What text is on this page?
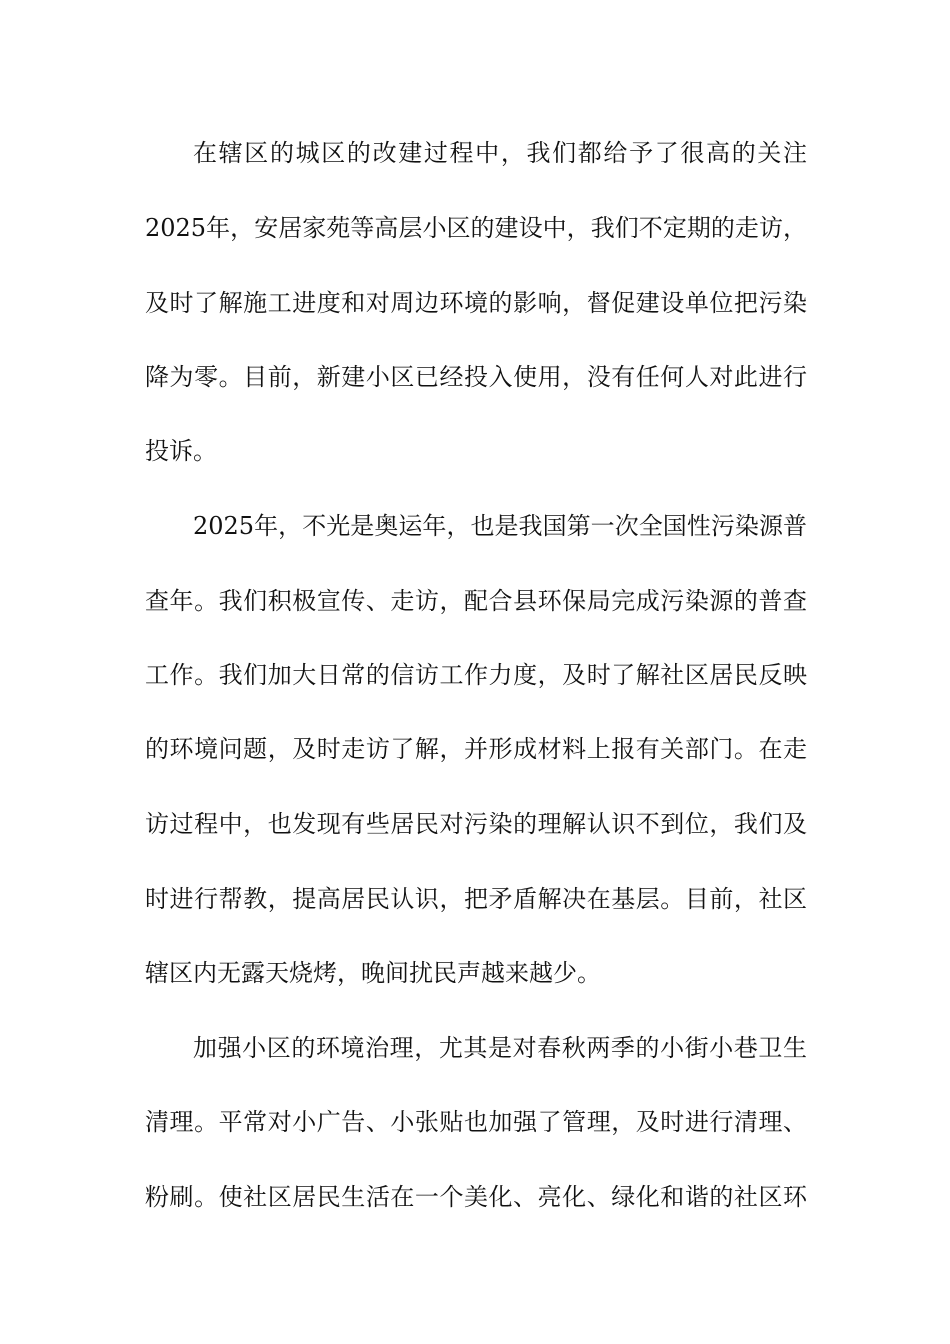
在辖区的城区的改建过程中，我们都给予了很高的关注
2025年，安居家苑等高层小区的建设中，我们不定期的走访，
及时了解施工进度和对周边环境的影响，督促建设单位把污染
降为零。目前，新建小区已经投入使用，没有任何人对此进行
投诉。
2025年，不光是奥运年，也是我国第一次全国性污染源普
查年。我们积极宣传、走访，配合县环保局完成污染源的普查
工作。我们加大日常的信访工作力度，及时了解社区居民反映
的环境问题，及时走访了解，并形成材料上报有关部门。在走
访过程中，也发现有些居民对污染的理解认识不到位，我们及
时进行帮教，提高居民认识，把矛盾解决在基层。目前，社区
辖区内无露天烧烤，晚间扰民声越来越少。
加强小区的环境治理，尤其是对春秋两季的小街小巷卫生
清理。平常对小广告、小张贴也加强了管理，及时进行清理、
粉刷。使社区居民生活在一个美化、亮化、绿化和谐的社区环
